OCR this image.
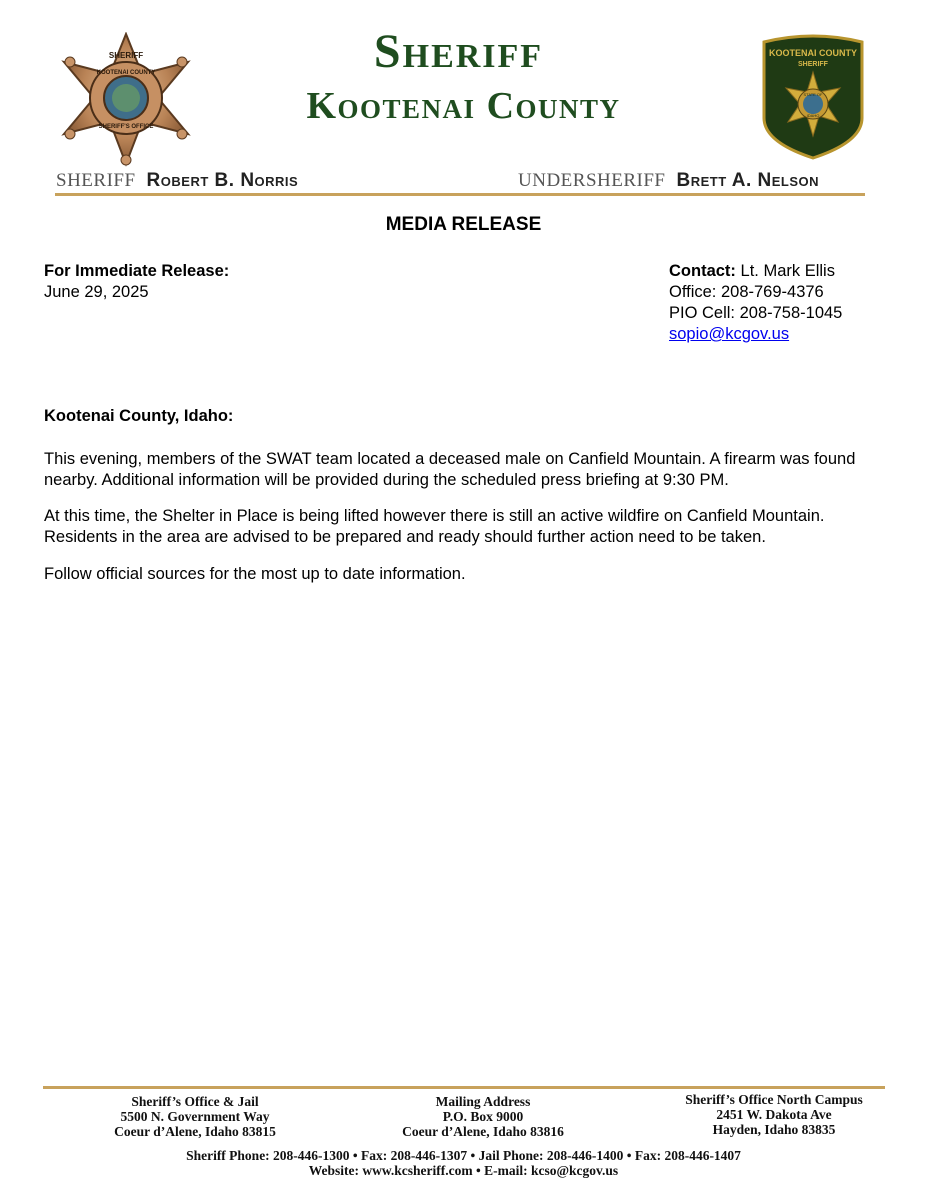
SHERIFF
KOOTENAI COUNTY
SHERIFF'S OFFICE
Sheriff
Kootenai County
KOOTENAI COUNTY
SHERIFF
STATE OF
IDAHO
SHERIFF Robert B. Norris	UNDERSHERIFF Brett A. Nelson
MEDIA RELEASE
For Immediate Release:
June 29, 2025
Contact: Lt. Mark Ellis
Office: 208-769-4376
PIO Cell: 208-758-1045
sopio@kcgov.us
Kootenai County, Idaho:
This evening, members of the SWAT team located a deceased male on Canfield Mountain. A firearm was found nearby. Additional information will be provided during the scheduled press briefing at 9:30 PM.
At this time, the Shelter in Place is being lifted however there is still an active wildfire on Canfield Mountain. Residents in the area are advised to be prepared and ready should further action need to be taken.
Follow official sources for the most up to date information.
Sheriff’s Office & Jail
5500 N. Government Way
Coeur d’Alene, Idaho 83815
Mailing Address
P.O. Box 9000
Coeur d’Alene, Idaho 83816
Sheriff’s Office North Campus
2451 W. Dakota Ave
Hayden, Idaho 83835
Sheriff Phone: 208-446-1300 • Fax: 208-446-1307 • Jail Phone: 208-446-1400 • Fax: 208-446-1407
Website: www.kcsheriff.com • E-mail: kcso@kcgov.us
